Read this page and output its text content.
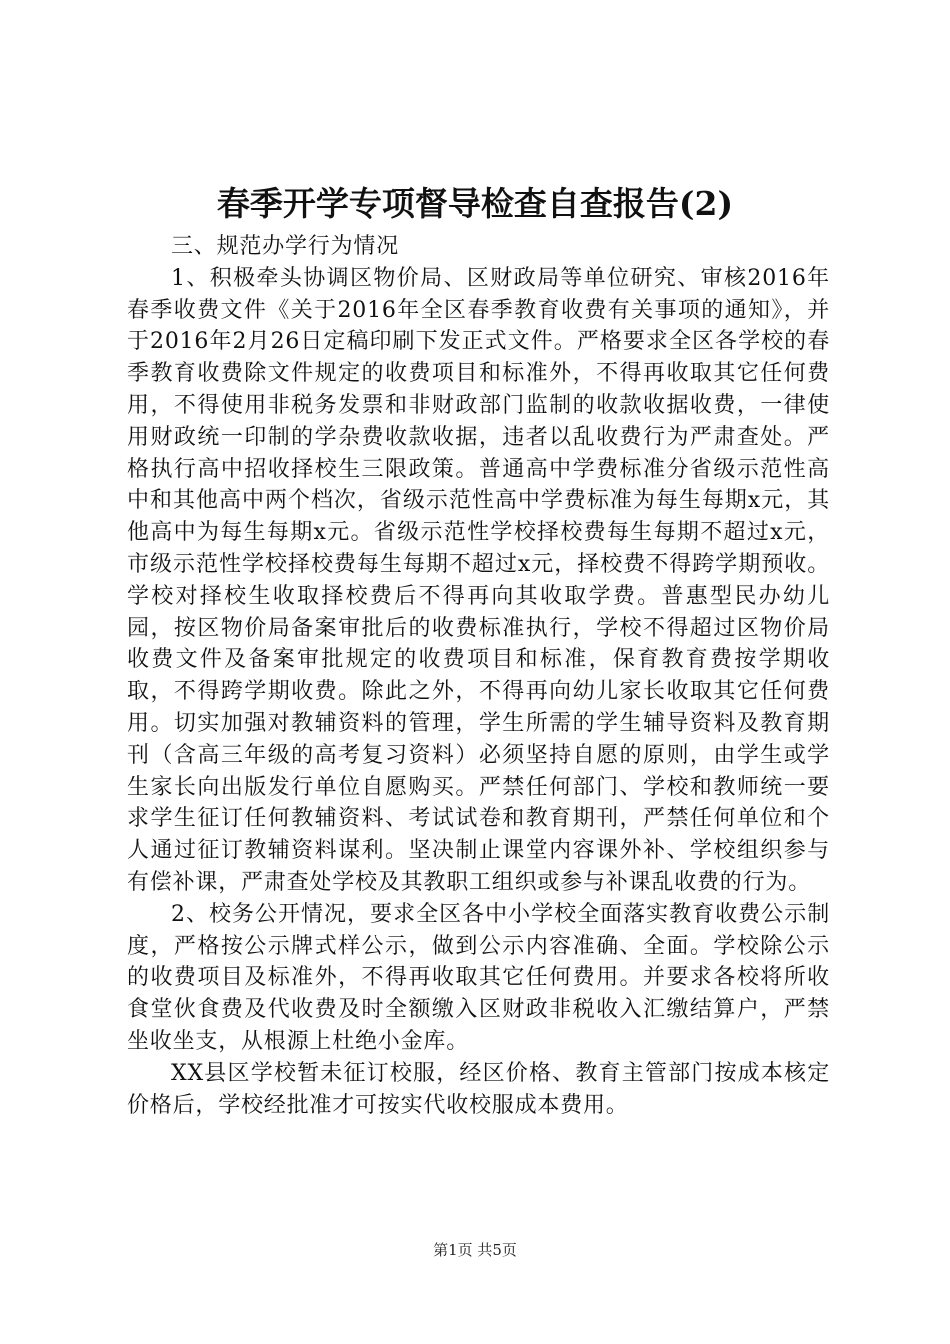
春季开学专项督导检查自查报告(2)

三、规范办学行为情况

1、积极牵头协调区物价局、区财政局等单位研究、审核2016年春季收费文件《关于2016年全区春季教育收费有关事项的通知》，并于2016年2月26日定稿印刷下发正式文件。严格要求全区各学校的春季教育收费除文件规定的收费项目和标准外，不得再收取其它任何费用，不得使用非税务发票和非财政部门监制的收款收据收费，一律使用财政统一印制的学杂费收款收据，违者以乱收费行为严肃查处。严格执行高中招收择校生三限政策。普通高中学费标准分省级示范性高中和其他高中两个档次，省级示范性高中学费标准为每生每期x元，其他高中为每生每期x元。省级示范性学校择校费每生每期不超过x元，市级示范性学校择校费每生每期不超过x元，择校费不得跨学期预收。学校对择校生收取择校费后不得再向其收取学费。普惠型民办幼儿园，按区物价局备案审批后的收费标准执行，学校不得超过区物价局收费文件及备案审批规定的收费项目和标准，保育教育费按学期收取，不得跨学期收费。除此之外，不得再向幼儿家长收取其它任何费用。切实加强对教辅资料的管理，学生所需的学生辅导资料及教育期刊（含高三年级的高考复习资料）必须坚持自愿的原则，由学生或学生家长向出版发行单位自愿购买。严禁任何部门、学校和教师统一要求学生征订任何教辅资料、考试试卷和教育期刊，严禁任何单位和个人通过征订教辅资料谋利。坚决制止课堂内容课外补、学校组织参与有偿补课，严肃查处学校及其教职工组织或参与补课乱收费的行为。

2、校务公开情况，要求全区各中小学校全面落实教育收费公示制度，严格按公示牌式样公示，做到公示内容准确、全面。学校除公示的收费项目及标准外，不得再收取其它任何费用。并要求各校将所收食堂伙食费及代收费及时全额缴入区财政非税收入汇缴结算户，严禁坐收坐支，从根源上杜绝小金库。

XX县区学校暂未征订校服，经区价格、教育主管部门按成本核定价格后，学校经批准才可按实代收校服成本费用。

第1页 共5页
